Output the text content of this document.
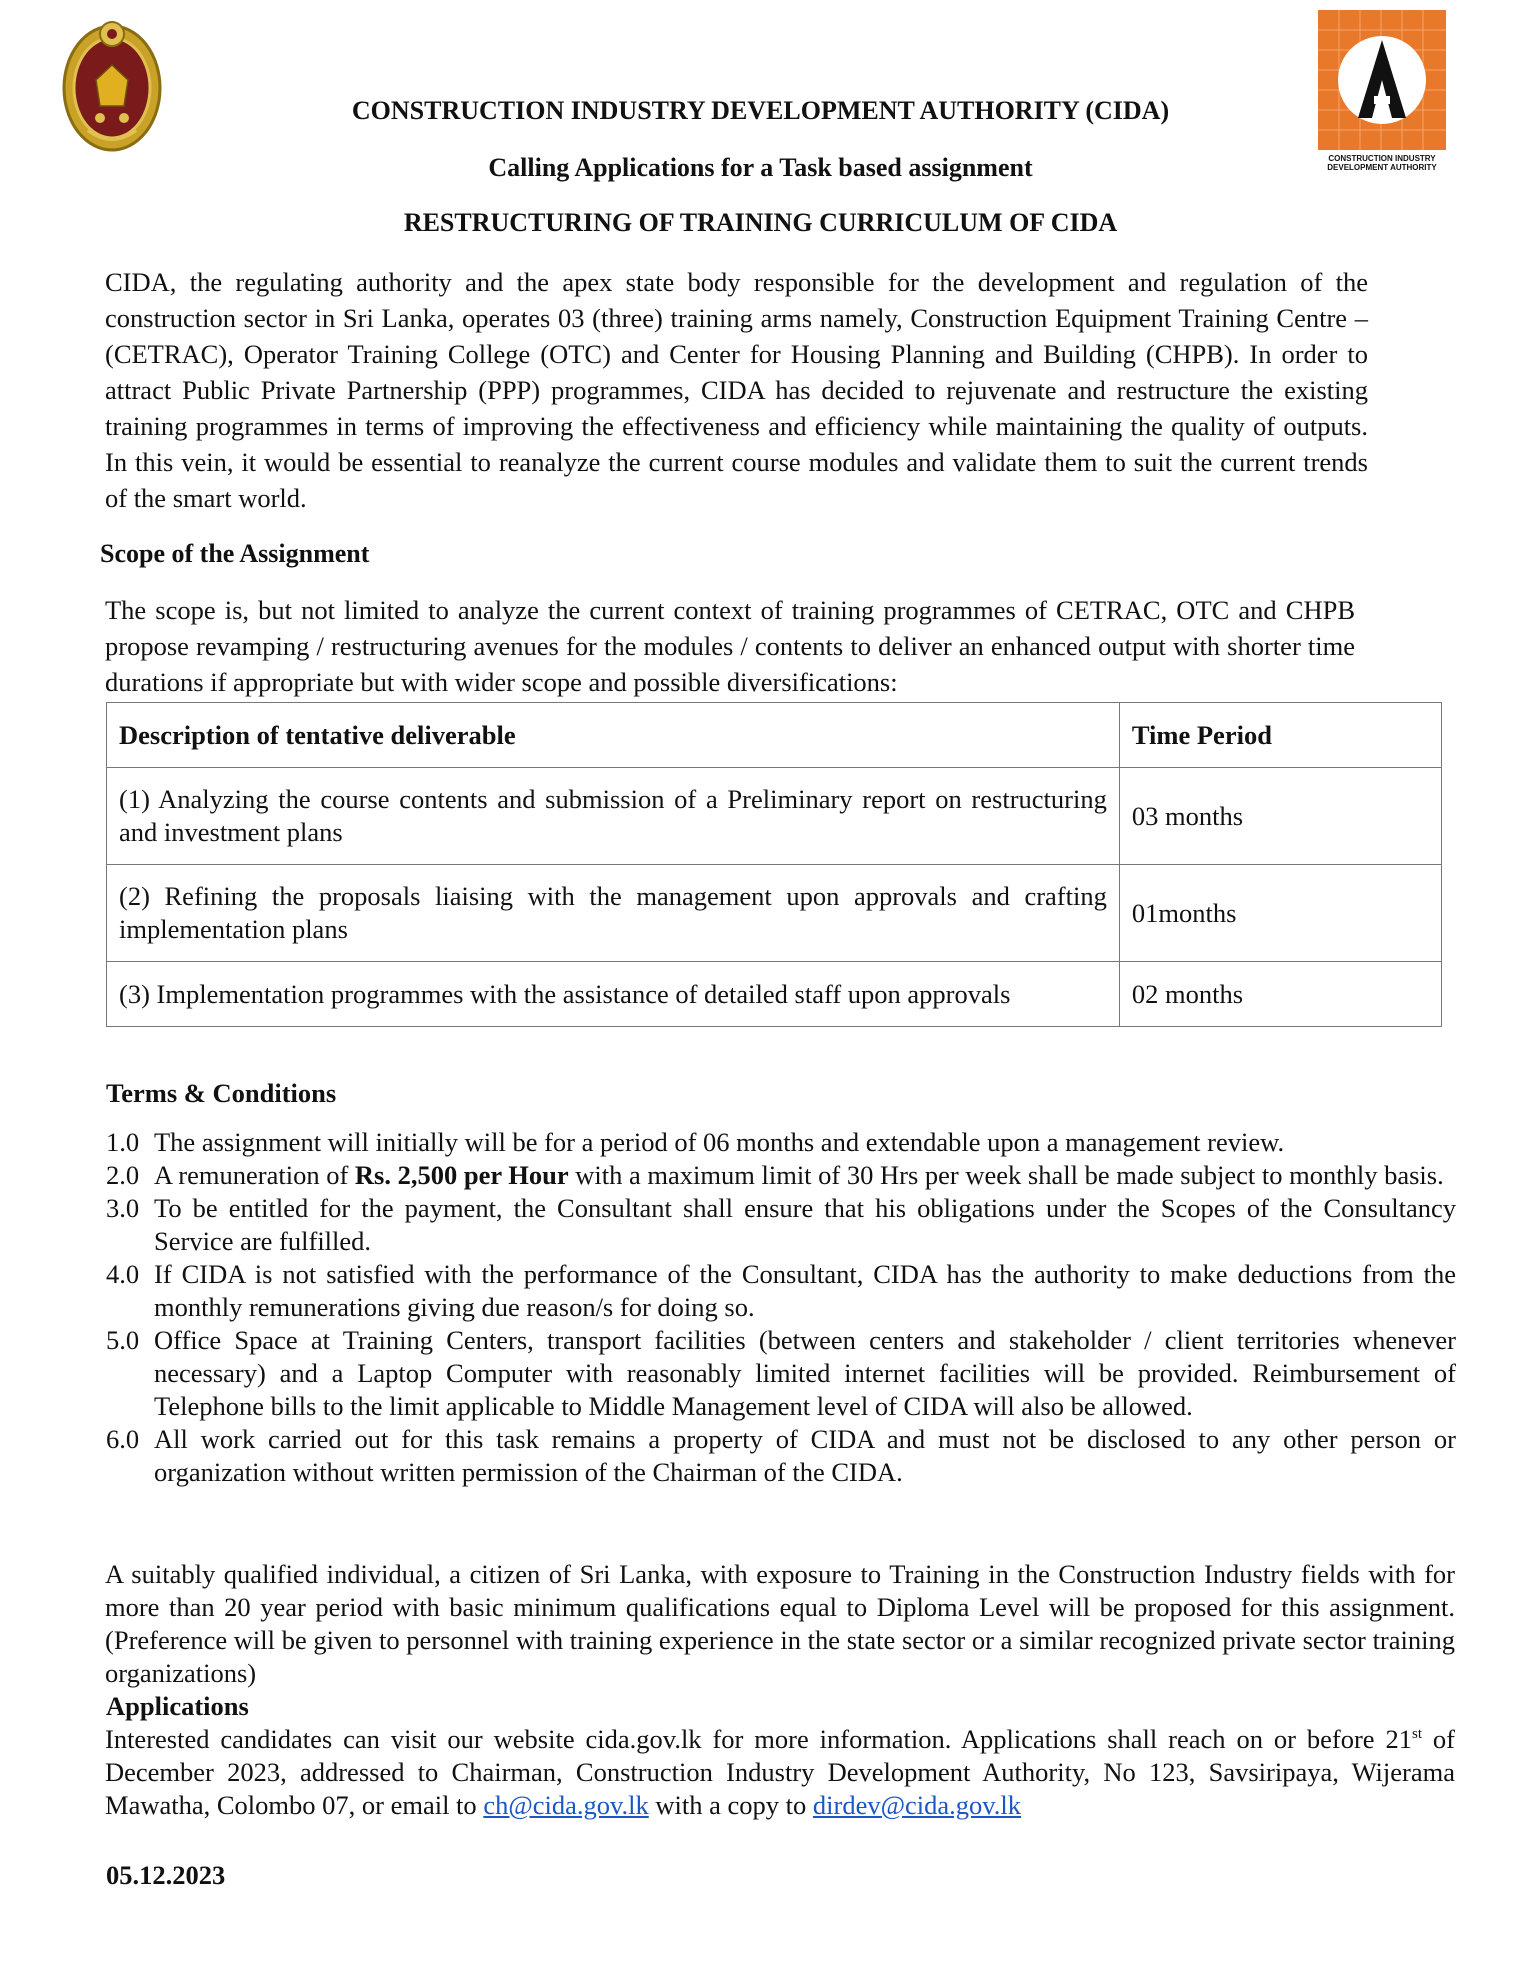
CONSTRUCTION INDUSTRY
DEVELOPMENT AUTHORITY
CONSTRUCTION INDUSTRY DEVELOPMENT AUTHORITY (CIDA)
Calling Applications for a Task based assignment
RESTRUCTURING OF TRAINING CURRICULUM OF CIDA

CIDA, the regulating authority and the apex state body responsible for the development and regulation of the construction sector in Sri Lanka, operates 03 (three) training arms namely, Construction Equipment Training Centre – (CETRAC), Operator Training College (OTC) and Center for Housing Planning and Building (CHPB). In order to attract Public Private Partnership (PPP) programmes, CIDA has decided to rejuvenate and restructure the existing training programmes in terms of improving the effectiveness and efficiency while maintaining the quality of outputs. In this vein, it would be essential to reanalyze the current course modules and validate them to suit the current trends of the smart world.

Scope of the Assignment

The scope is, but not limited to analyze the current context of training programmes of CETRAC, OTC and CHPB propose revamping / restructuring avenues for the modules / contents to deliver an enhanced output with shorter time durations if appropriate but with wider scope and possible diversifications:

Description of tentative deliverable	Time Period
(1) Analyzing the course contents and submission of a Preliminary report on restructuring and investment plans	03 months
(2) Refining the proposals liaising with the management upon approvals and crafting implementation plans	01months
(3) Implementation programmes with the assistance of detailed staff upon approvals	02 months
Terms & Conditions
1.0 The assignment will initially will be for a period of 06 months and extendable upon a management review.
2.0 A remuneration of Rs. 2,500 per Hour with a maximum limit of 30 Hrs per week shall be made subject to monthly basis.
3.0 To be entitled for the payment, the Consultant shall ensure that his obligations under the Scopes of the Consultancy Service are fulfilled.
4.0 If CIDA is not satisfied with the performance of the Consultant, CIDA has the authority to make deductions from the monthly remunerations giving due reason/s for doing so.
5.0 Office Space at Training Centers, transport facilities (between centers and stakeholder / client territories whenever necessary) and a Laptop Computer with reasonably limited internet facilities will be provided. Reimbursement of Telephone bills to the limit applicable to Middle Management level of CIDA will also be allowed.
6.0 All work carried out for this task remains a property of CIDA and must not be disclosed to any other person or organization without written permission of the Chairman of the CIDA.

A suitably qualified individual, a citizen of Sri Lanka, with exposure to Training in the Construction Industry fields with for more than 20 year period with basic minimum qualifications equal to Diploma Level will be proposed for this assignment. (Preference will be given to personnel with training experience in the state sector or a similar recognized private sector training organizations)

Applications

Interested candidates can visit our website cida.gov.lk for more information. Applications shall reach on or before 21st of December 2023, addressed to Chairman, Construction Industry Development Authority, No 123, Savsiripaya, Wijerama Mawatha, Colombo 07, or email to ch@cida.gov.lk with a copy to dirdev@cida.gov.lk

05.12.2023
